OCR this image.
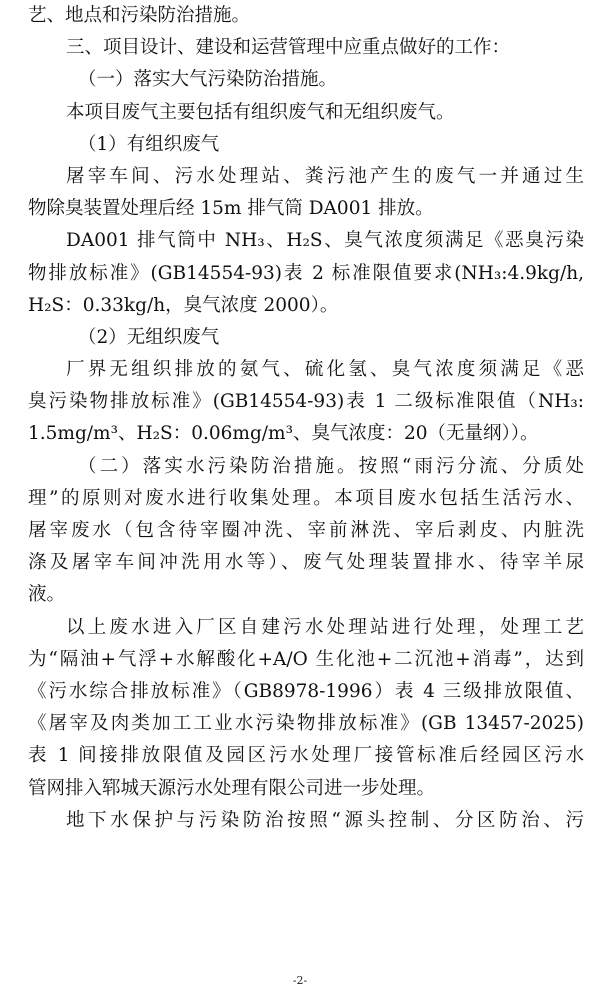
艺、地点和污染防治措施。
三、项目设计、建设和运营管理中应重点做好的工作：
（一）落实大气污染防治措施。
本项目废气主要包括有组织废气和无组织废气。
（1）有组织废气
屠宰车间、污水处理站、粪污池产生的废气一并通过生
物除臭装置处理后经 15m 排气筒 DA001 排放。
DA001 排气筒中 NH₃、H₂S、臭气浓度须满足《恶臭污染
物排放标准》(GB14554-93)表 2 标准限值要求(NH₃:4.9kg/h,
H₂S：0.33kg/h，臭气浓度 2000）。
（2）无组织废气
厂界无组织排放的氨气、硫化氢、臭气浓度须满足《恶
臭污染物排放标准》(GB14554-93)表 1 二级标准限值（NH₃:
1.5mg/m³、H₂S：0.06mg/m³、臭气浓度：20（无量纲））。
（二）落实水污染防治措施。按照“雨污分流、分质处
理”的原则对废水进行收集处理。本项目废水包括生活污水、
屠宰废水（包含待宰圈冲洗、宰前淋洗、宰后剥皮、内脏洗
涤及屠宰车间冲洗用水等）、废气处理装置排水、待宰羊尿
液。
以上废水进入厂区自建污水处理站进行处理，处理工艺
为“隔油+气浮+水解酸化+A/O 生化池+二沉池+消毒”，达到
《污水综合排放标准》（GB8978-1996）表 4 三级排放限值、
《屠宰及肉类加工工业水污染物排放标准》(GB 13457-2025)
表 1 间接排放限值及园区污水处理厂接管标准后经园区污水
管网排入郓城天源污水处理有限公司进一步处理。
地下水保护与污染防治按照“源头控制、分区防治、污
-2-
